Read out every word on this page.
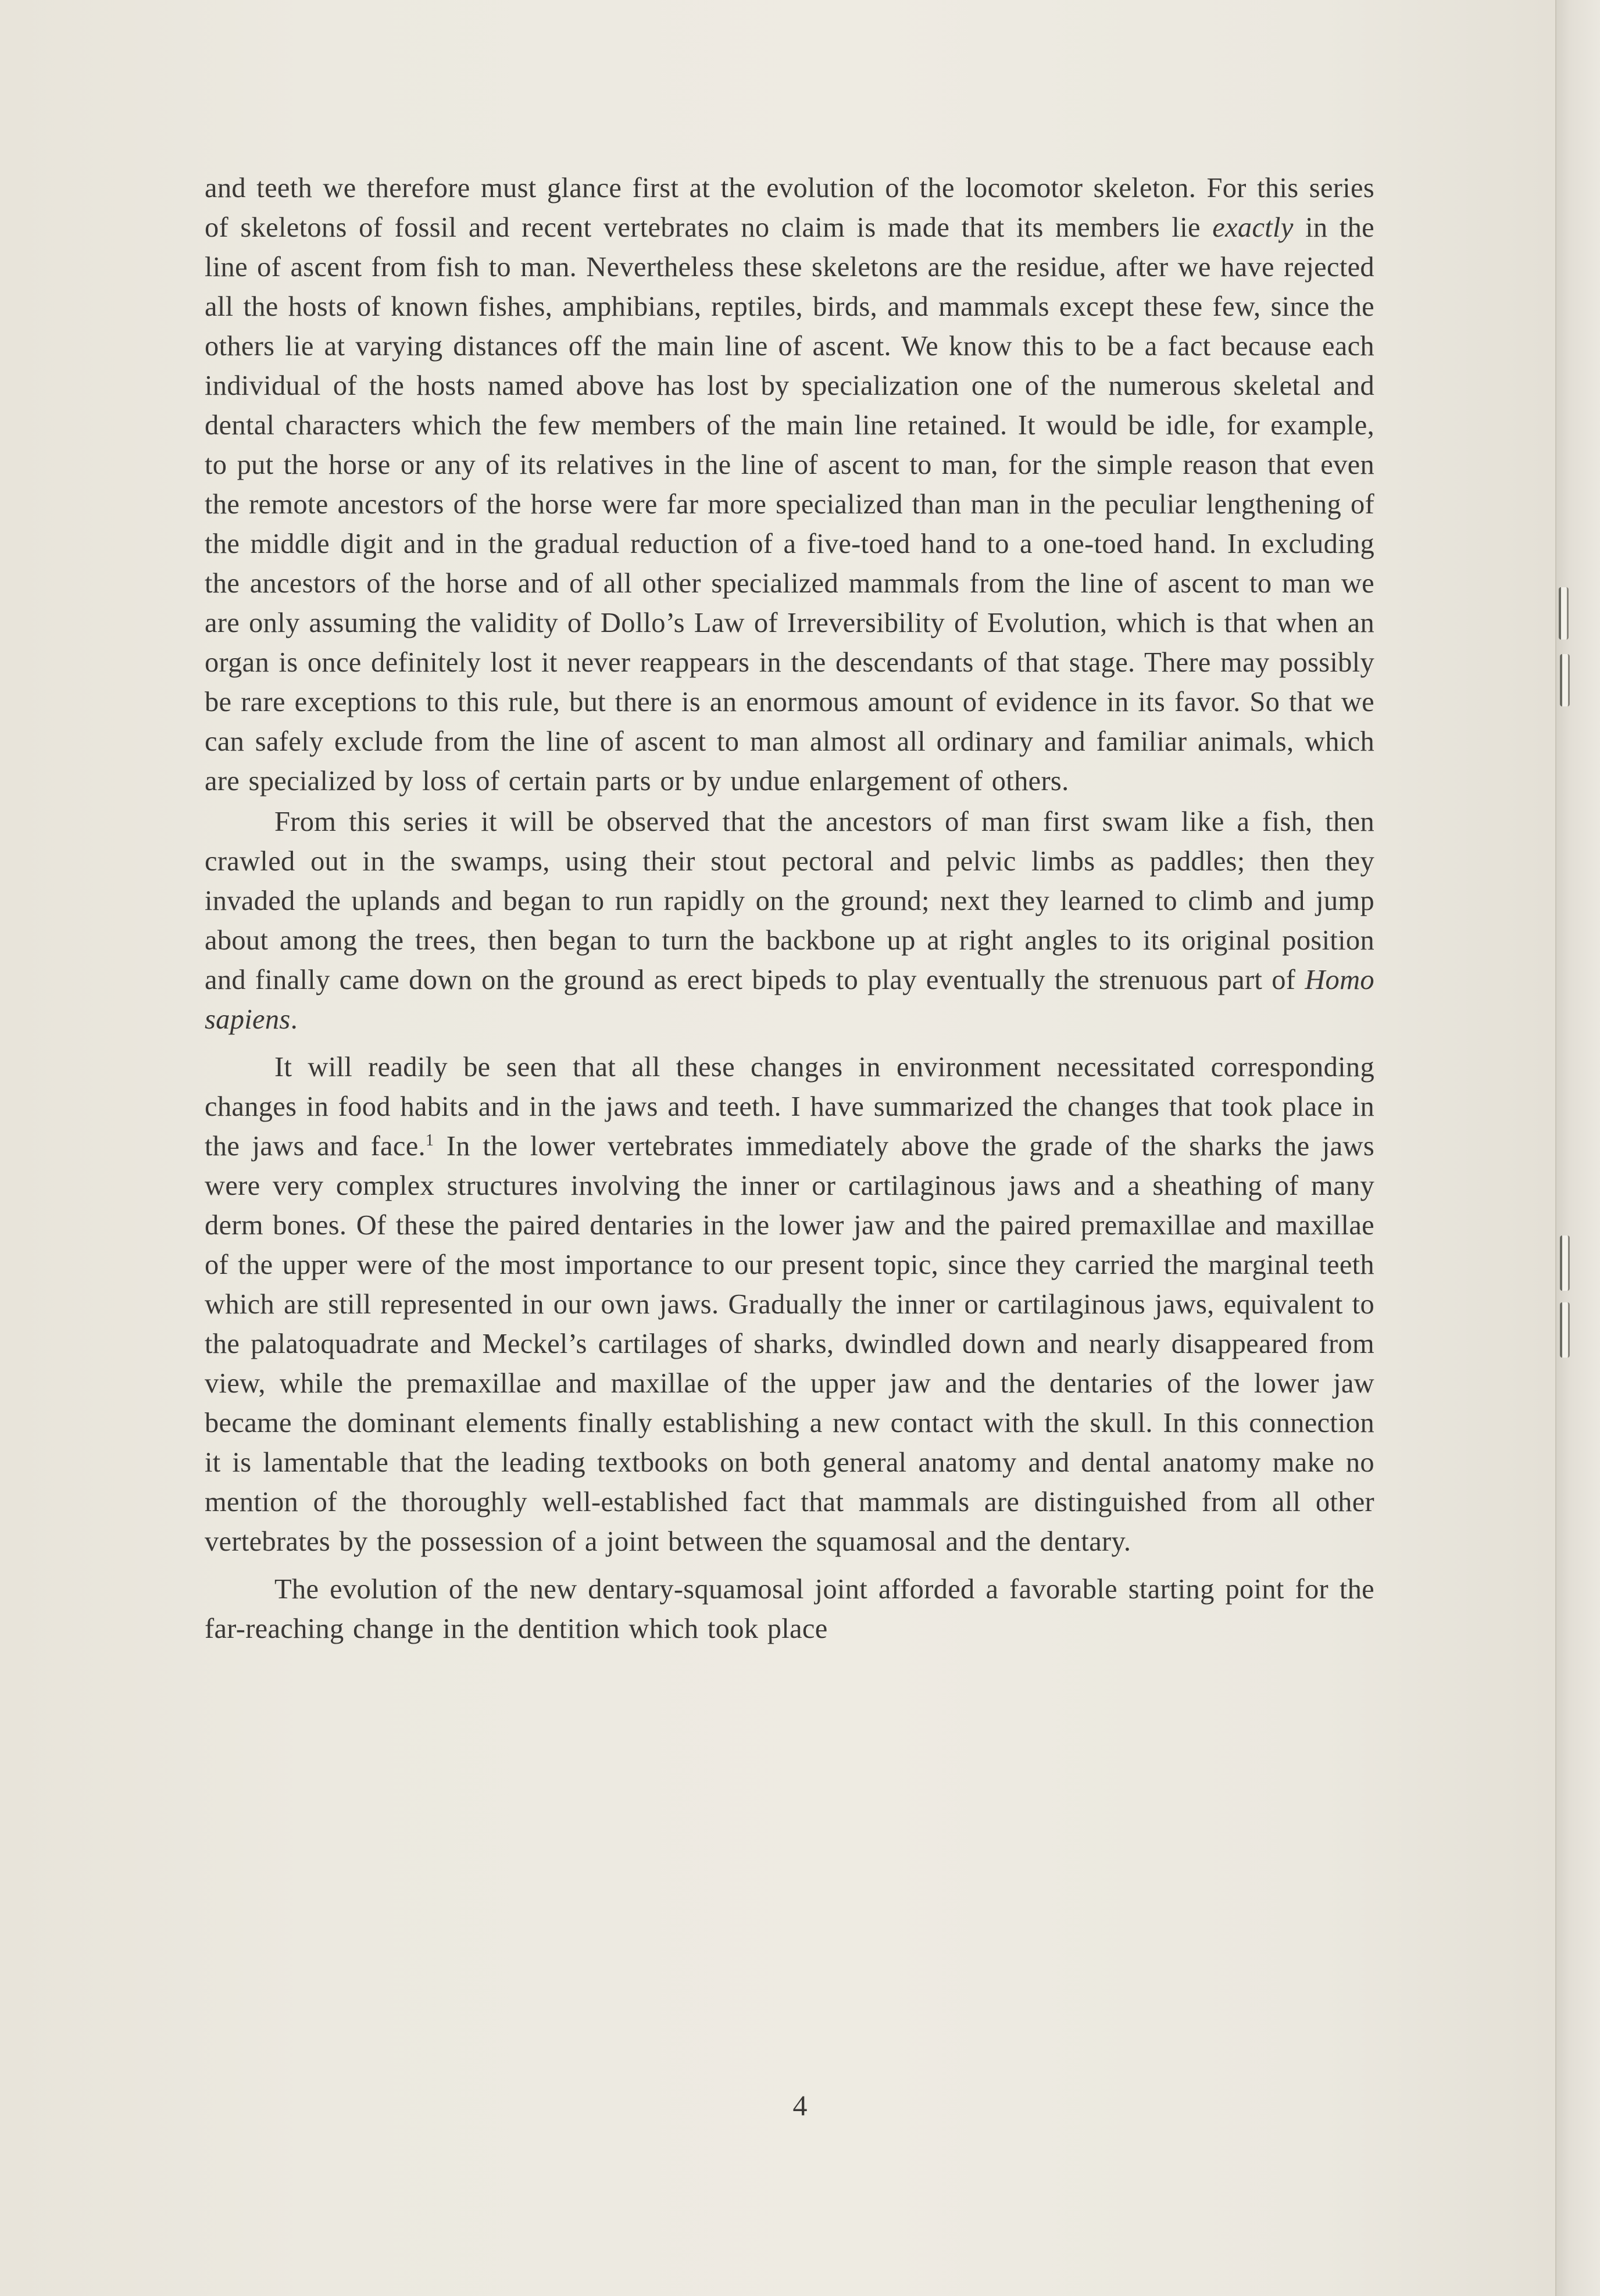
and teeth we therefore must glance first at the evolution of the locomotor skeleton. For this series of skeletons of fossil and recent vertebrates no claim is made that its members lie exactly in the line of ascent from fish to man. Nevertheless these skeletons are the residue, after we have rejected all the hosts of known fishes, amphibians, reptiles, birds, and mammals except these few, since the others lie at varying distances off the main line of ascent. We know this to be a fact because each individual of the hosts named above has lost by specialization one of the numerous skeletal and dental characters which the few members of the main line retained. It would be idle, for example, to put the horse or any of its relatives in the line of ascent to man, for the simple reason that even the remote ancestors of the horse were far more specialized than man in the peculiar lengthening of the middle digit and in the gradual reduction of a five-toed hand to a one-toed hand. In excluding the ancestors of the horse and of all other specialized mammals from the line of ascent to man we are only assuming the validity of Dollo’s Law of Irreversibility of Evolution, which is that when an organ is once definitely lost it never reappears in the descendants of that stage. There may possibly be rare exceptions to this rule, but there is an enormous amount of evidence in its favor. So that we can safely exclude from the line of ascent to man almost all ordinary and familiar animals, which are specialized by loss of certain parts or by undue enlargement of others.

From this series it will be observed that the ancestors of man first swam like a fish, then crawled out in the swamps, using their stout pectoral and pelvic limbs as paddles; then they invaded the uplands and began to run rapidly on the ground; next they learned to climb and jump about among the trees, then began to turn the backbone up at right angles to its original position and finally came down on the ground as erect bipeds to play eventually the strenuous part of Homo sapiens.

It will readily be seen that all these changes in environment necessitated corresponding changes in food habits and in the jaws and teeth. I have summarized the changes that took place in the jaws and face.$^1$ In the lower vertebrates immediately above the grade of the sharks the jaws were very complex structures involving the inner or cartilaginous jaws and a sheathing of many derm bones. Of these the paired dentaries in the lower jaw and the paired premaxillae and maxillae of the upper were of the most importance to our present topic, since they carried the marginal teeth which are still represented in our own jaws. Gradually the inner or cartilaginous jaws, equivalent to the palatoquadrate and Meckel’s cartilages of sharks, dwindled down and nearly disappeared from view, while the premaxillae and maxillae of the upper jaw and the dentaries of the lower jaw became the dominant elements finally establishing a new contact with the skull. In this connection it is lamentable that the leading textbooks on both general anatomy and dental anatomy make no mention of the thoroughly well-established fact that mammals are distinguished from all other vertebrates by the possession of a joint between the squamosal and the dentary.

The evolution of the new dentary-squamosal joint afforded a favorable starting point for the far-reaching change in the dentition which took place

4
